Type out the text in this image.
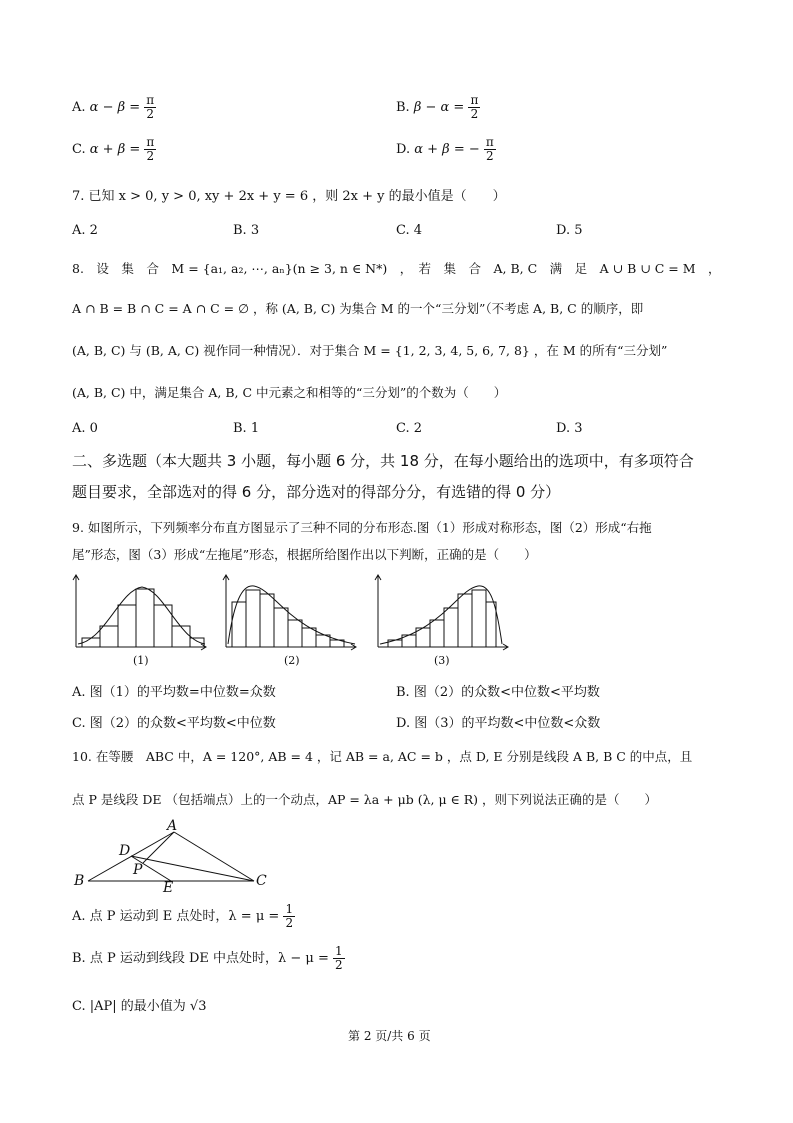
A. $\alpha - \beta = \frac{\pi}{2}$	B. $\beta - \alpha = \frac{\pi}{2}$
C. $\alpha + \beta = \frac{\pi}{2}$	D. α + β = − $\frac{\pi}{2}$
7. 已知 x > 0, y > 0, xy + 2x + y = 6 ，则 2x + y 的最小值是（　　）
A. 2	B. 3	C. 4	D. 5
8.　设　集　合　M = {a₁, a₂, ⋯, aₙ}(n ≥ 3, n ∈ N*)　，　若　集　合　A, B, C　满　足　A ∪ B ∪ C = M　，
A ∩ B = B ∩ C = A ∩ C = ∅ ，称 (A, B, C) 为集合 M 的一个“三分划”（不考虑 A, B, C 的顺序，即
(A, B, C) 与 (B, A, C) 视作同一种情况）．对于集合 M = {1, 2, 3, 4, 5, 6, 7, 8} ，在 M 的所有“三分划”
(A, B, C) 中，满足集合 A, B, C 中元素之和相等的“三分划”的个数为（　　）
A. 0	B. 1	C. 2	D. 3
二、多选题（本大题共 3 小题，每小题 6 分，共 18 分，在每小题给出的选项中，有多项符合
题目要求，全部选对的得 6 分，部分选对的得部分分，有选错的得 0 分）
9. 如图所示，下列频率分布直方图显示了三种不同的分布形态.图（1）形成对称形态，图（2）形成“右拖
尾”形态，图（3）形成“左拖尾”形态，根据所给图作出以下判断，正确的是（　　）
(1)	(2)	(3)
A. 图（1）的平均数=中位数=众数	B. 图（2）的众数<中位数<平均数
C. 图（2）的众数<平均数<中位数	D. 图（3）的平均数<中位数<众数
10. 在等腰　ABC 中，A = 120°, AB = 4 ，记 AB = a, AC = b ，点 D, E 分别是线段 A B, B C 的中点，且
点 P 是线段 DE （包括端点）上的一个动点，AP = λa + μb (λ, μ ∈ R) ，则下列说法正确的是（　　）
A
D
P
B	E	C
A. 点 P 运动到 E 点处时，$\lambda = \mu = \frac{1}{2}$
B. 点 P 运动到线段 DE 中点处时，$\lambda - \mu = \frac{1}{2}$
C. |AP| 的最小值为 √3
第 2 页/共 6 页
